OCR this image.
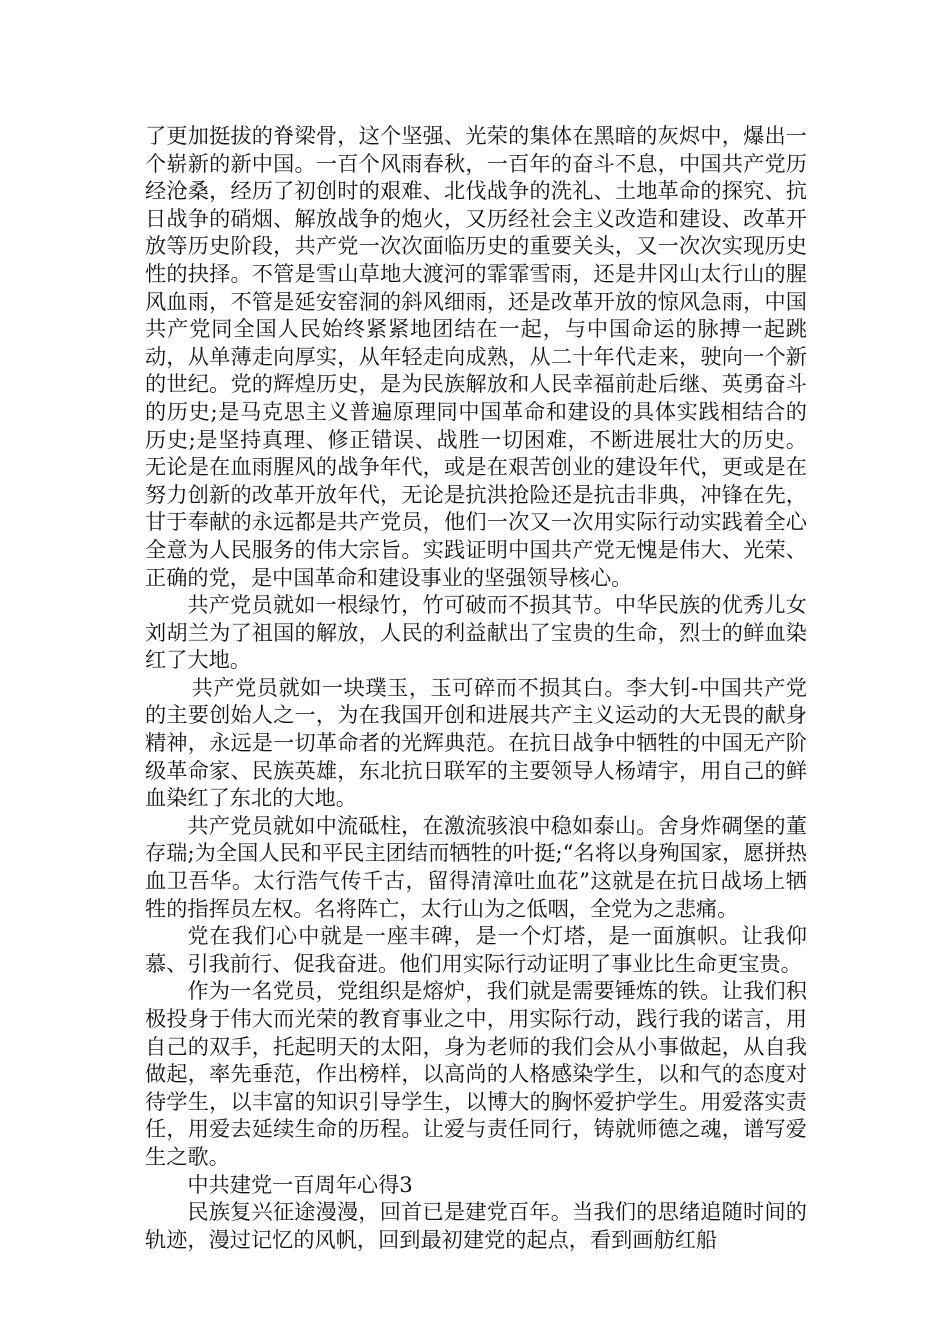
了更加挺拔的脊梁骨，这个坚强、光荣的集体在黑暗的灰烬中，爆出一个崭新的新中国。一百个风雨春秋，一百年的奋斗不息，中国共产党历经沧桑，经历了初创时的艰难、北伐战争的洗礼、土地革命的探究、抗日战争的硝烟、解放战争的炮火，又历经社会主义改造和建设、改革开放等历史阶段，共产党一次次面临历史的重要关头，又一次次实现历史性的抉择。不管是雪山草地大渡河的霏霏雪雨，还是井冈山太行山的腥风血雨，不管是延安窑洞的斜风细雨，还是改革开放的惊风急雨，中国共产党同全国人民始终紧紧地团结在一起，与中国命运的脉搏一起跳动，从单薄走向厚实，从年轻走向成熟，从二十年代走来，驶向一个新的世纪。党的辉煌历史，是为民族解放和人民幸福前赴后继、英勇奋斗的历史;是马克思主义普遍原理同中国革命和建设的具体实践相结合的历史;是坚持真理、修正错误、战胜一切困难，不断进展壮大的历史。无论是在血雨腥风的战争年代，或是在艰苦创业的建设年代，更或是在努力创新的改革开放年代，无论是抗洪抢险还是抗击非典，冲锋在先，甘于奉献的永远都是共产党员，他们一次又一次用实际行动实践着全心全意为人民服务的伟大宗旨。实践证明中国共产党无愧是伟大、光荣、正确的党，是中国革命和建设事业的坚强领导核心。

共产党员就如一根绿竹，竹可破而不损其节。中华民族的优秀儿女刘胡兰为了祖国的解放，人民的利益献出了宝贵的生命，烈士的鲜血染红了大地。

共产党员就如一块璞玉，玉可碎而不损其白。李大钊-中国共产党的主要创始人之一，为在我国开创和进展共产主义运动的大无畏的献身精神，永远是一切革命者的光辉典范。在抗日战争中牺牲的中国无产阶级革命家、民族英雄，东北抗日联军的主要领导人杨靖宇，用自己的鲜血染红了东北的大地。

共产党员就如中流砥柱，在激流骇浪中稳如泰山。舍身炸碉堡的董存瑞;为全国人民和平民主团结而牺牲的叶挺;“名将以身殉国家，愿拼热血卫吾华。太行浩气传千古，留得清漳吐血花”这就是在抗日战场上牺牲的指挥员左权。名将阵亡，太行山为之低咽，全党为之悲痛。

党在我们心中就是一座丰碑，是一个灯塔，是一面旗帜。让我仰慕、引我前行、促我奋进。他们用实际行动证明了事业比生命更宝贵。

作为一名党员，党组织是熔炉，我们就是需要锤炼的铁。让我们积极投身于伟大而光荣的教育事业之中，用实际行动，践行我的诺言，用自己的双手，托起明天的太阳，身为老师的我们会从小事做起，从自我做起，率先垂范，作出榜样，以高尚的人格感染学生，以和气的态度对待学生，以丰富的知识引导学生，以博大的胸怀爱护学生。用爱落实责任，用爱去延续生命的历程。让爱与责任同行，铸就师德之魂，谱写爱生之歌。

中共建党一百周年心得3

民族复兴征途漫漫，回首已是建党百年。当我们的思绪追随时间的轨迹，漫过记忆的风帆，回到最初建党的起点，看到画舫红船
